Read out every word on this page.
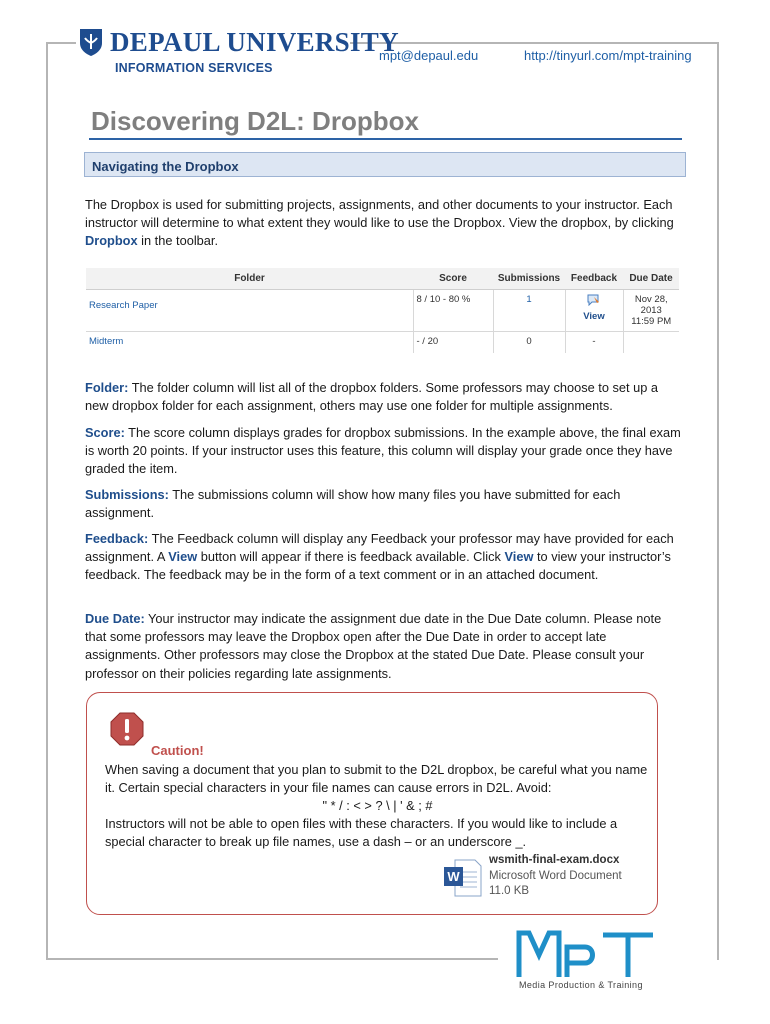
DEPAUL UNIVERSITY
INFORMATION SERVICES
mpt@depaul.edu	http://tinyurl.com/mpt-training
Discovering D2L: Dropbox
Navigating the Dropbox
The Dropbox is used for submitting projects, assignments, and other documents to your instructor. Each instructor will determine to what extent they would like to use the Dropbox. View the dropbox, by clicking Dropbox in the toolbar.
Folder	Score	Submissions	Feedback	Due Date
Research Paper	8 / 10 - 80 %	1	View	Nov 28,
2013
11:59 PM

Midterm	- / 20	0	-	
Folder: The folder column will list all of the dropbox folders. Some professors may choose to set up a new dropbox folder for each assignment, others may use one folder for multiple assignments.
Score: The score column displays grades for dropbox submissions. In the example above, the final exam is worth 20 points. If your instructor uses this feature, this column will display your grade once they have graded the item.
Submissions: The submissions column will show how many files you have submitted for each assignment.
Feedback: The Feedback column will display any Feedback your professor may have provided for each assignment. A View button will appear if there is feedback available. Click View to view your instructor’s feedback. The feedback may be in the form of a text comment or in an attached document.
Due Date: Your instructor may indicate the assignment due date in the Due Date column. Please note that some professors may leave the Dropbox open after the Due Date in order to accept late assignments. Other professors may close the Dropbox at the stated Due Date. Please consult your professor on their policies regarding late assignments.
Caution!
When saving a document that you plan to submit to the D2L dropbox, be careful what you name it. Certain special characters in your file names can cause errors in D2L. Avoid:
" * / : < > ? \ | ' & ; #
Instructors will not be able to open files with these characters. If you would like to include a special character to break up file names, use a dash – or an underscore _.
W
wsmith-final-exam.docx
Microsoft Word Document
11.0 KB
Media Production & Training
